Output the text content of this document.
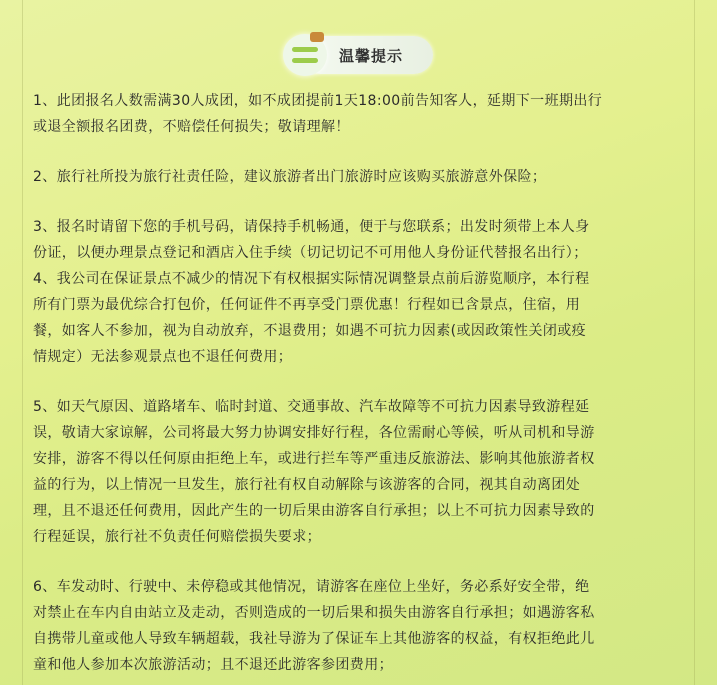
温馨提示

1、此团报名人数需满30人成团，如不成团提前1天18:00前告知客人，延期下一班期出行
或退全额报名团费，不赔偿任何损失；敬请理解！

2、旅行社所投为旅行社责任险，建议旅游者出门旅游时应该购买旅游意外保险；

3、报名时请留下您的手机号码，请保持手机畅通，便于与您联系；出发时须带上本人身
份证，以便办理景点登记和酒店入住手续（切记切记不可用他人身份证代替报名出行）；
4、我公司在保证景点不减少的情况下有权根据实际情况调整景点前后游览顺序，本行程
所有门票为最优综合打包价，任何证件不再享受门票优惠！行程如已含景点，住宿，用
餐，如客人不参加，视为自动放弃，不退费用；如遇不可抗力因素(或因政策性关闭或疫
情规定）无法参观景点也不退任何费用；

5、如天气原因、道路堵车、临时封道、交通事故、汽车故障等不可抗力因素导致游程延
误，敬请大家谅解，公司将最大努力协调安排好行程，各位需耐心等候，听从司机和导游
安排，游客不得以任何原由拒绝上车，或进行拦车等严重违反旅游法、影响其他旅游者权
益的行为，以上情况一旦发生，旅行社有权自动解除与该游客的合同，视其自动离团处
理，且不退还任何费用，因此产生的一切后果由游客自行承担；以上不可抗力因素导致的
行程延误，旅行社不负责任何赔偿损失要求；

6、车发动时、行驶中、未停稳或其他情况，请游客在座位上坐好，务必系好安全带，绝
对禁止在车内自由站立及走动，否则造成的一切后果和损失由游客自行承担；如遇游客私
自携带儿童或他人导致车辆超载，我社导游为了保证车上其他游客的权益，有权拒绝此儿
童和他人参加本次旅游活动；且不退还此游客参团费用；
